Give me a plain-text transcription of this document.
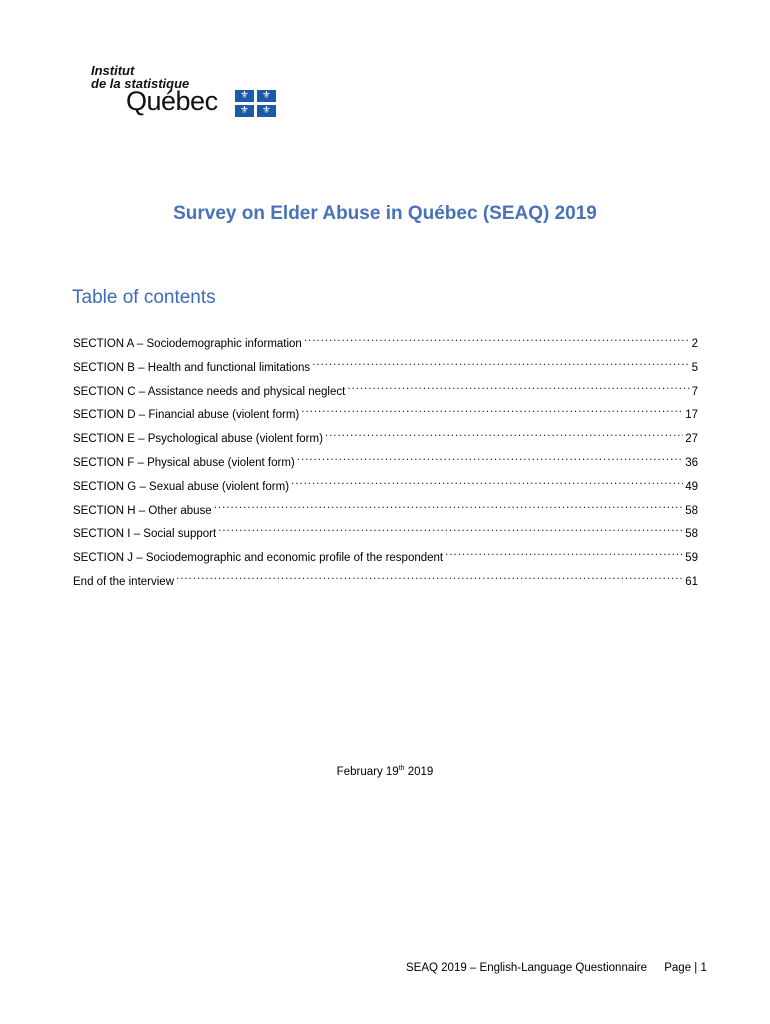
Institut
de la statistique
Québec	⚜	⚜
⚜	⚜
Survey on Elder Abuse in Québec (SEAQ) 2019
Table of contents
SECTION A – Sociodemographic information .....	2
SECTION B – Health and functional limitations .....	5
SECTION C – Assistance needs and physical neglect .....	7
SECTION D – Financial abuse (violent form) .....	17
SECTION E – Psychological abuse (violent form) .....	27
SECTION F – Physical abuse (violent form) .....	36
SECTION G – Sexual abuse (violent form) .....	49
SECTION H – Other abuse .....	58
SECTION I – Social support .....	58
SECTION J – Sociodemographic and economic profile of the respondent .....	59
End of the interview .....	61
February 19th 2019
SEAQ 2019 – English-Language Questionnaire Page | 1
